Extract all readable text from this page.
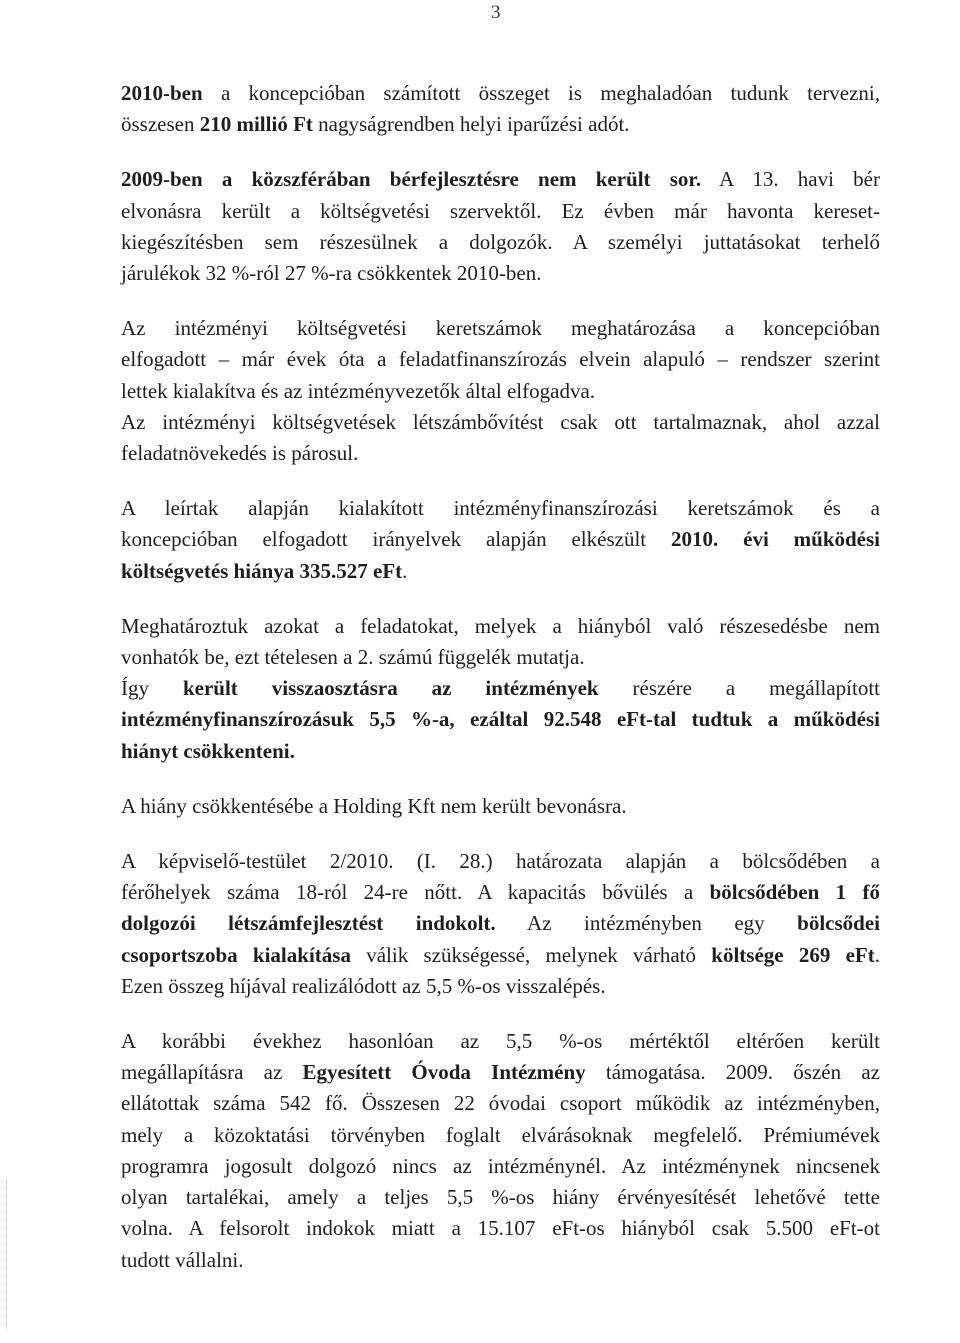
3

2010-ben a koncepcióban számított összeget is meghaladóan tudunk tervezni,

összesen 210 millió Ft nagyságrendben helyi iparűzési adót.

2009-ben a közszférában bérfejlesztésre nem került sor. A 13. havi bér

elvonásra került a költségvetési szervektől. Ez évben már havonta kereset-

kiegészítésben sem részesülnek a dolgozók. A személyi juttatásokat terhelő

járulékok 32 %-ról 27 %-ra csökkentek 2010-ben.

Az intézményi költségvetési keretszámok meghatározása a koncepcióban

elfogadott – már évek óta a feladatfinanszírozás elvein alapuló – rendszer szerint

lettek kialakítva és az intézményvezetők által elfogadva.

Az intézményi költségvetések létszámbővítést csak ott tartalmaznak, ahol azzal

feladatnövekedés is párosul.

A leírtak alapján kialakított intézményfinanszírozási keretszámok és a

koncepcióban elfogadott irányelvek alapján elkészült 2010. évi működési

költségvetés hiánya 335.527 eFt.

Meghatároztuk azokat a feladatokat, melyek a hiányból való részesedésbe nem

vonhatók be, ezt tételesen a 2. számú függelék mutatja.

Így került visszaosztásra az intézmények részére a megállapított

intézményfinanszírozásuk 5,5 %-a, ezáltal 92.548 eFt-tal tudtuk a működési

hiányt csökkenteni.

A hiány csökkentésébe a Holding Kft nem került bevonásra.

A képviselő-testület 2/2010. (I. 28.) határozata alapján a bölcsődében a

férőhelyek száma 18-ról 24-re nőtt. A kapacitás bővülés a bölcsődében 1 fő

dolgozói létszámfejlesztést indokolt. Az intézményben egy bölcsődei

csoportszoba kialakítása válik szükségessé, melynek várható költsége 269 eFt.

Ezen összeg híjával realizálódott az 5,5 %-os visszalépés.

A korábbi évekhez hasonlóan az 5,5 %-os mértéktől eltérően került

megállapításra az Egyesített Óvoda Intézmény támogatása. 2009. őszén az

ellátottak száma 542 fő. Összesen 22 óvodai csoport működik az intézményben,

mely a közoktatási törvényben foglalt elvárásoknak megfelelő. Prémiumévek

programra jogosult dolgozó nincs az intézménynél. Az intézménynek nincsenek

olyan tartalékai, amely a teljes 5,5 %-os hiány érvényesítését lehetővé tette

volna. A felsorolt indokok miatt a 15.107 eFt-os hiányból csak 5.500 eFt-ot

tudott vállalni.
